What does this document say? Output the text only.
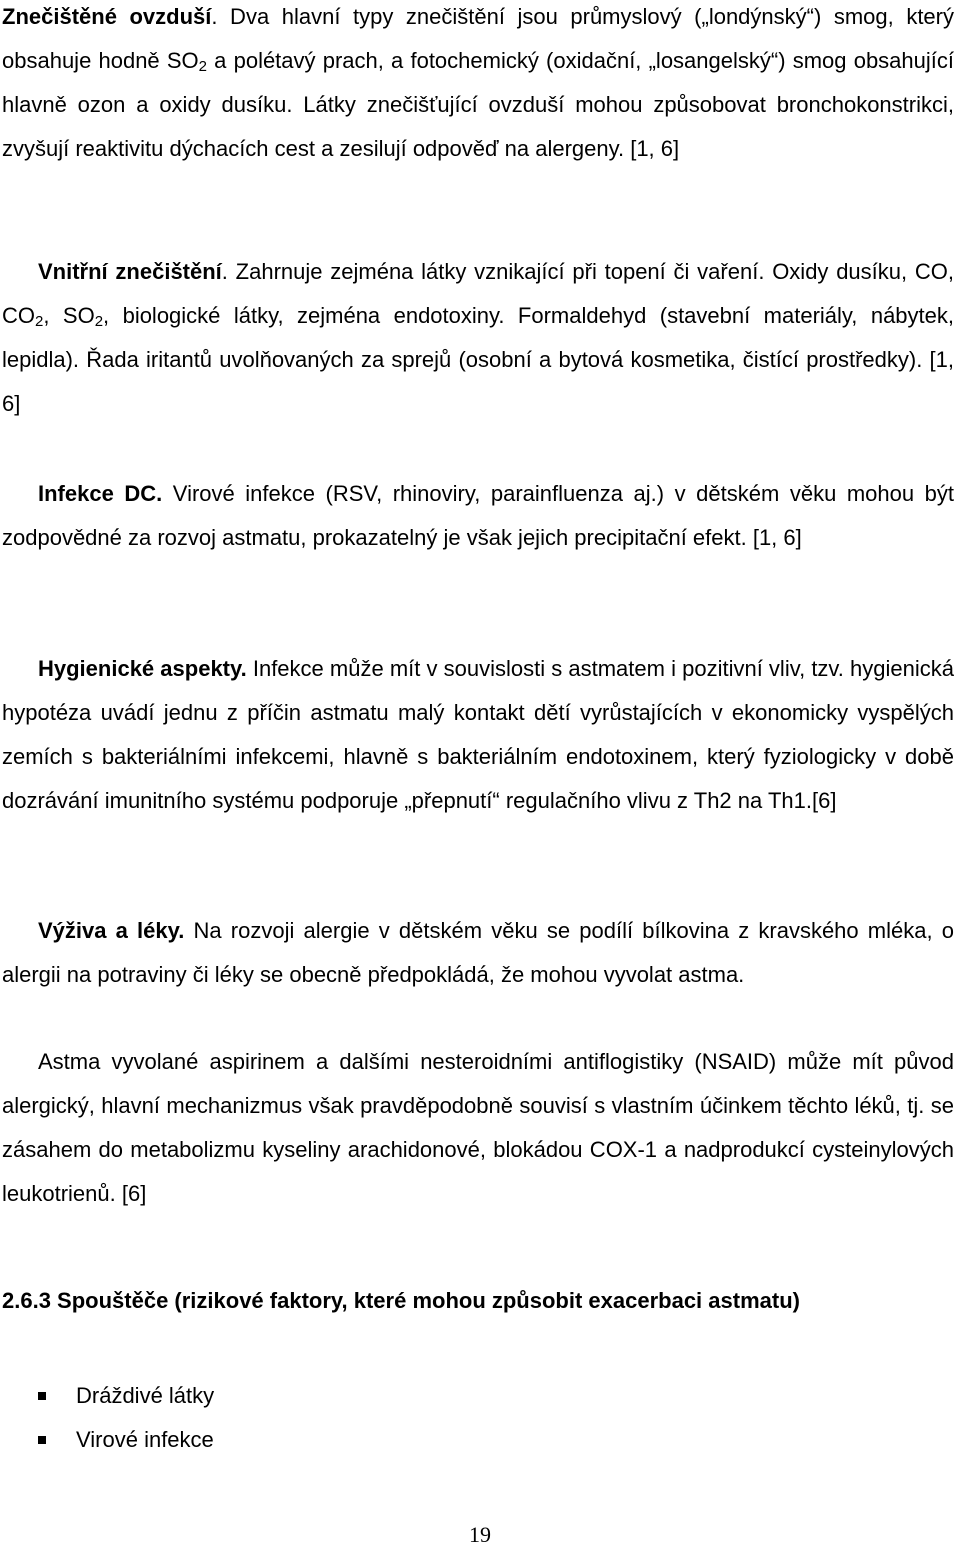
Znečištěné ovzduší. Dva hlavní typy znečištění jsou průmyslový („londýnský“) smog, který obsahuje hodně $SO_2$ a polétavý prach, a fotochemický (oxidační, „losangelský“) smog obsahující hlavně ozon a oxidy dusíku. Látky znečišťující ovzduší mohou způsobovat bronchokonstrikci, zvyšují reaktivitu dýchacích cest a zesilují odpověď na alergeny. [1, 6]

Vnitřní znečištění. Zahrnuje zejména látky vznikající při topení či vaření. Oxidy dusíku, CO, $CO_2$, $SO_2$, biologické látky, zejména endotoxiny. Formaldehyd (stavební materiály, nábytek, lepidla). Řada iritantů uvolňovaných za sprejů (osobní a bytová kosmetika, čistící prostředky). [1, 6]

Infekce DC. Virové infekce (RSV, rhinoviry, parainfluenza aj.) v dětském věku mohou být zodpovědné za rozvoj astmatu, prokazatelný je však jejich precipitační efekt. [1, 6]

Hygienické aspekty. Infekce může mít v souvislosti s astmatem i pozitivní vliv, tzv. hygienická hypotéza uvádí jednu z příčin astmatu malý kontakt dětí vyrůstajících v ekonomicky vyspělých zemích s bakteriálními infekcemi, hlavně s bakteriálním endotoxinem, který fyziologicky v době dozrávání imunitního systému podporuje „přepnutí“ regulačního vlivu z Th2 na Th1.[6]

Výživa a léky. Na rozvoji alergie v dětském věku se podílí bílkovina z kravského mléka, o alergii na potraviny či léky se obecně předpokládá, že mohou vyvolat astma.

Astma vyvolané aspirinem a dalšími nesteroidními antiflogistiky (NSAID) může mít původ alergický, hlavní mechanizmus však pravděpodobně souvisí s vlastním účinkem těchto léků, tj. se zásahem do metabolizmu kyseliny arachidonové, blokádou COX-1 a nadprodukcí cysteinylových leukotrienů. [6]

2.6.3 Spouštěče (rizikové faktory, které mohou způsobit exacerbaci astmatu)
Dráždivé látky
Virové infekce
19
